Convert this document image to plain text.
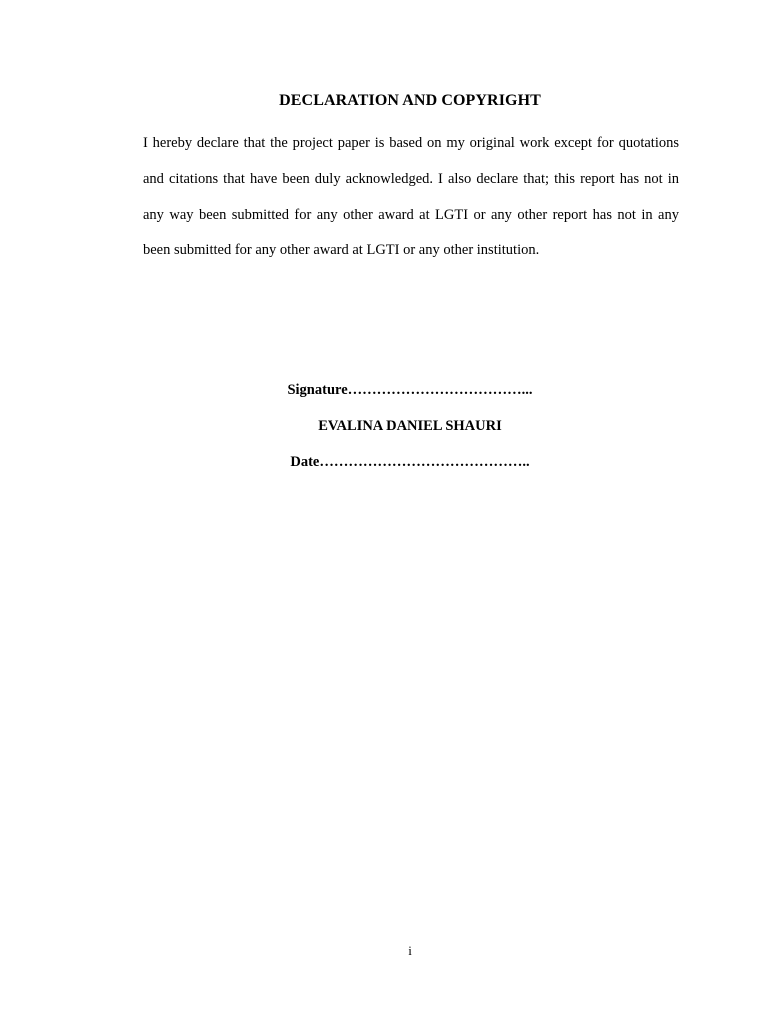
DECLARATION AND COPYRIGHT

I hereby declare that the project paper is based on my original work except for quotations and citations that have been duly acknowledged. I also declare that; this report has not in any way been submitted for any other award at LGTI or any other report has not in any been submitted for any other award at LGTI or any other institution.

Signature………………………………...
EVALINA DANIEL SHAURI
Date……………………………………..
i
